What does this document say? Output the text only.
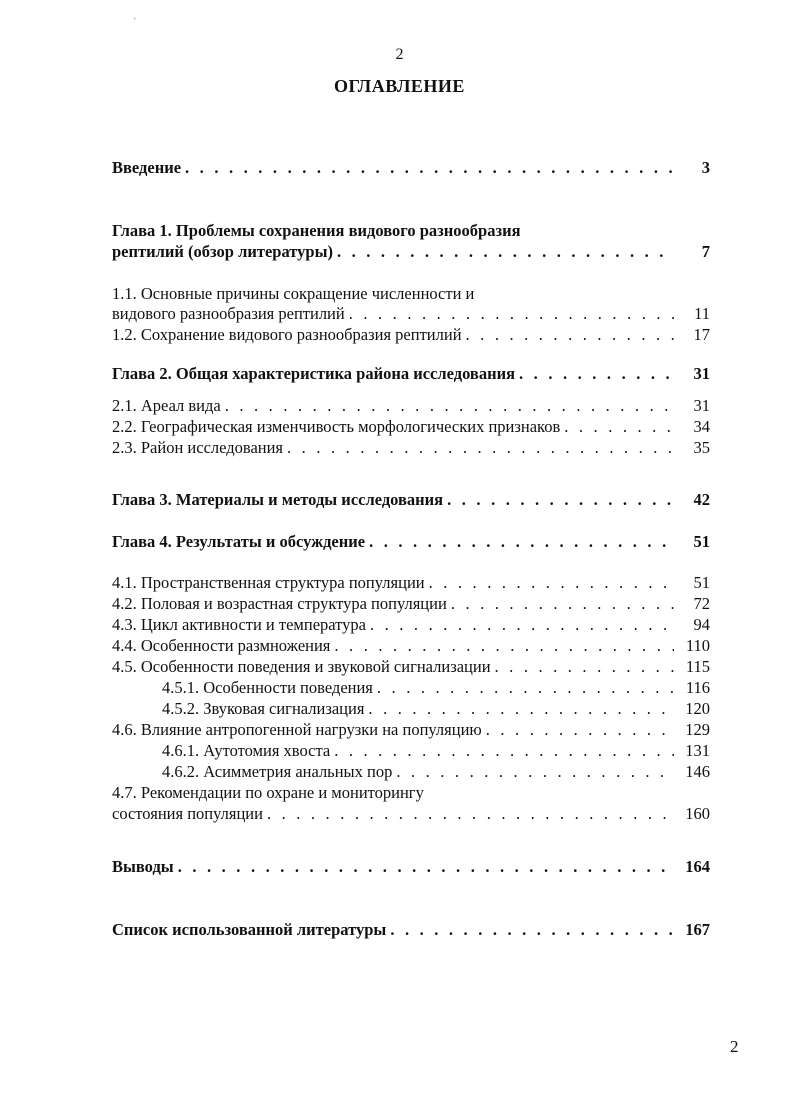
ˌ
2
ОГЛАВЛЕНИЕ
Введение . . .	3
Глава 1. Проблемы сохранения видового разнообразия
рептилий (обзор литературы) . . .	7
1.1. Основные причины сокращение численности и
видового разнообразия рептилий . . .	11
1.2. Сохранение видового разнообразия рептилий . . .	17
Глава 2. Общая характеристика района исследования . . .	31
2.1. Ареал вида . . .	31
2.2. Географическая изменчивость морфологических признаков . . .	34
2.3. Район исследования . . .	35
Глава 3. Материалы и методы исследования . . .	42
Глава 4. Результаты и обсуждение . . .	51
4.1. Пространственная структура популяции . . .	51
4.2. Половая и возрастная структура популяции . . .	72
4.3. Цикл активности и температура . . .	94
4.4. Особенности размножения . . .	110
4.5. Особенности поведения и звуковой сигнализации . . .	115
4.5.1. Особенности поведения . . .	116
4.5.2. Звуковая сигнализация . . .	120
4.6. Влияние антропогенной нагрузки на популяцию . . .	129
4.6.1. Аутотомия хвоста . . .	131
4.6.2. Асимметрия анальных пор . . .	146
4.7. Рекомендации по охране и мониторингу
состояния популяции . . .	160
Выводы . . .	164
Список использованной литературы . . .	167
2
